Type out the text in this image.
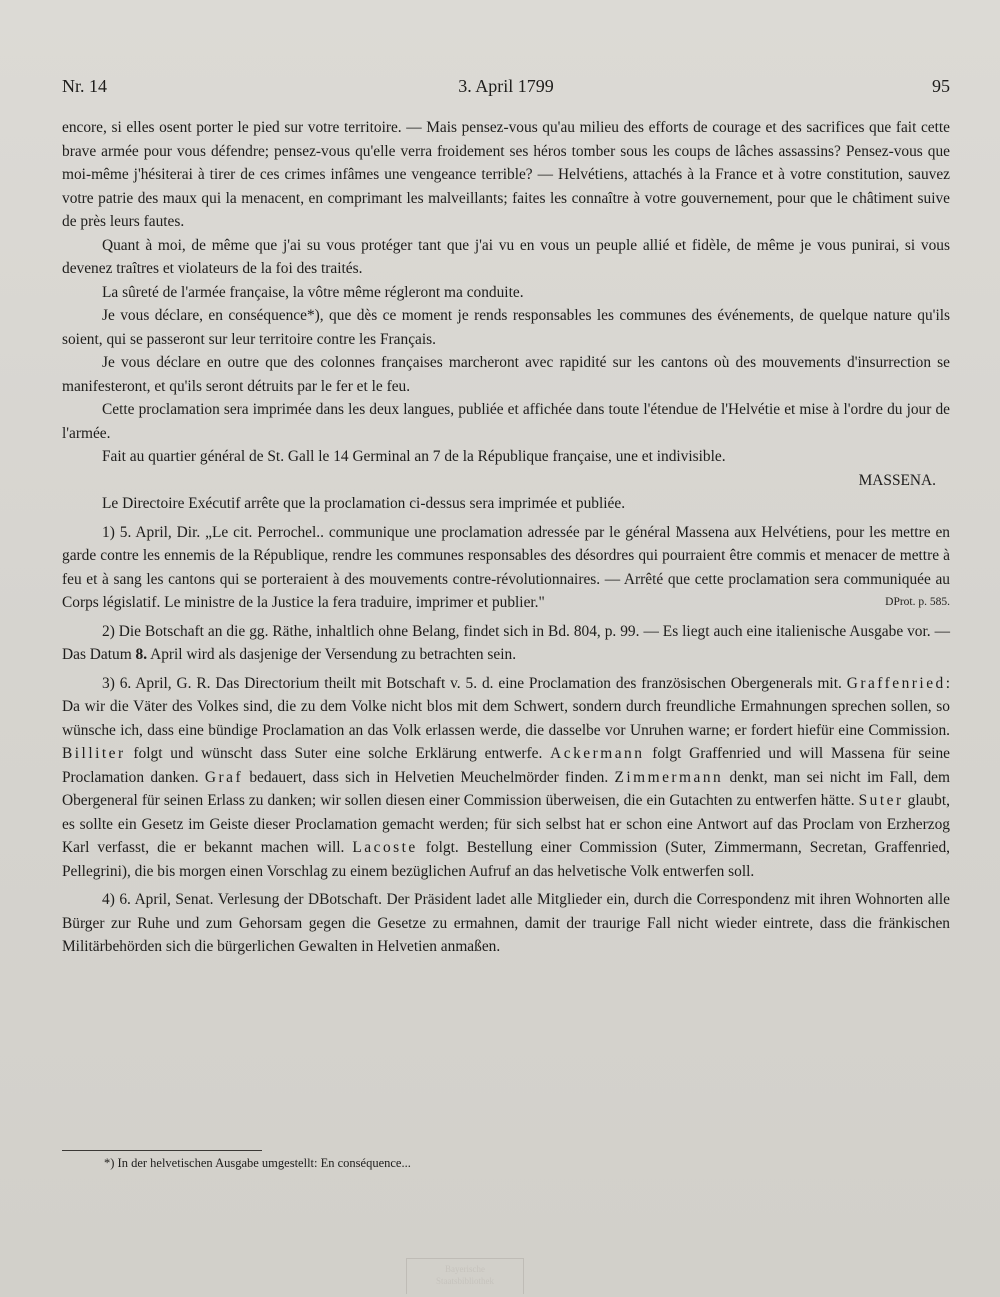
Nr. 14	3. April 1799	95

encore, si elles osent porter le pied sur votre territoire. — Mais pensez-vous qu'au milieu des efforts de courage et des sacrifices que fait cette brave armée pour vous défendre; pensez-vous qu'elle verra froidement ses héros tomber sous les coups de lâches assassins? Pensez-vous que moi-même j'hésiterai à tirer de ces crimes infâmes une vengeance terrible? — Helvétiens, attachés à la France et à votre constitution, sauvez votre patrie des maux qui la menacent, en comprimant les malveillants; faites les connaître à votre gouvernement, pour que le châtiment suive de près leurs fautes.

Quant à moi, de même que j'ai su vous protéger tant que j'ai vu en vous un peuple allié et fidèle, de même je vous punirai, si vous devenez traîtres et violateurs de la foi des traités.

La sûreté de l'armée française, la vôtre même régleront ma conduite.

Je vous déclare, en conséquence*), que dès ce moment je rends responsables les communes des événements, de quelque nature qu'ils soient, qui se passeront sur leur territoire contre les Français.

Je vous déclare en outre que des colonnes françaises marcheront avec rapidité sur les cantons où des mouvements d'insurrection se manifesteront, et qu'ils seront détruits par le fer et le feu.

Cette proclamation sera imprimée dans les deux langues, publiée et affichée dans toute l'étendue de l'Helvétie et mise à l'ordre du jour de l'armée.

Fait au quartier général de St. Gall le 14 Germinal an 7 de la République française, une et indivisible.

MASSENA.

Le Directoire Exécutif arrête que la proclamation ci-dessus sera imprimée et publiée.

1) 5. April, Dir. „Le cit. Perrochel.. communique une proclamation adressée par le général Massena aux Helvétiens, pour les mettre en garde contre les ennemis de la République, rendre les communes responsables des désordres qui pourraient être commis et menacer de mettre à feu et à sang les cantons qui se porteraient à des mouvements contre-révolutionnaires. — Arrêté que cette proclamation sera communiquée au Corps législatif. Le ministre de la Justice la fera traduire, imprimer et publier."	DProt. p. 585.

2) Die Botschaft an die gg. Räthe, inhaltlich ohne Belang, findet sich in Bd. 804, p. 99. — Es liegt auch eine italienische Ausgabe vor. — Das Datum 8. April wird als dasjenige der Versendung zu betrachten sein.

3) 6. April, G. R. Das Directorium theilt mit Botschaft v. 5. d. eine Proclamation des französischen Obergenerals mit. Graffenried: Da wir die Väter des Volkes sind, die zu dem Volke nicht blos mit dem Schwert, sondern durch freundliche Ermahnungen sprechen sollen, so wünsche ich, dass eine bündige Proclamation an das Volk erlassen werde, die dasselbe vor Unruhen warne; er fordert hiefür eine Commission. Billiter folgt und wünscht dass Suter eine solche Erklärung entwerfe. Ackermann folgt Graffenried und will Massena für seine Proclamation danken. Graf bedauert, dass sich in Helvetien Meuchelmörder finden. Zimmermann denkt, man sei nicht im Fall, dem Obergeneral für seinen Erlass zu danken; wir sollen diesen einer Commission überweisen, die ein Gutachten zu entwerfen hätte. Suter glaubt, es sollte ein Gesetz im Geiste dieser Proclamation gemacht werden; für sich selbst hat er schon eine Antwort auf das Proclam von Erzherzog Karl verfasst, die er bekannt machen will. Lacoste folgt. Bestellung einer Commission (Suter, Zimmermann, Secretan, Graffenried, Pellegrini), die bis morgen einen Vorschlag zu einem bezüglichen Aufruf an das helvetische Volk entwerfen soll.

4) 6. April, Senat. Verlesung der DBotschaft. Der Präsident ladet alle Mitglieder ein, durch die Correspondenz mit ihren Wohnorten alle Bürger zur Ruhe und zum Gehorsam gegen die Gesetze zu ermahnen, damit der traurige Fall nicht wieder eintrete, dass die fränkischen Militärbehörden sich die bürgerlichen Gewalten in Helvetien anmaßen.

*) In der helvetischen Ausgabe umgestellt: En conséquence...
Bayerische
Staatsbibliothek
